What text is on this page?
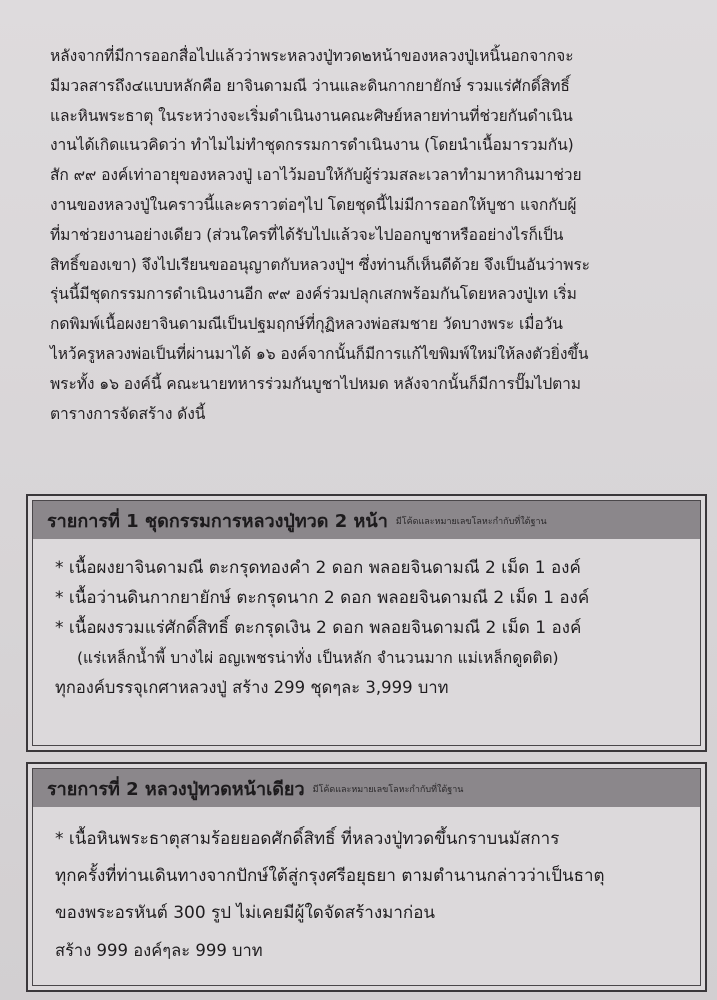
หลังจากที่มีการออกสื่อไปแล้วว่าพระหลวงปู่ทวด๒หน้าของหลวงปู่เหนิ้นอกจากจะ
มีมวลสารถึง๔แบบหลักคือ ยาจินดามณี ว่านและดินกากยายักษ์ รวมแร่ศักดิ์สิทธิ์
และหินพระธาตุ ในระหว่างจะเริ่มดำเนินงานคณะศิษย์หลายท่านที่ช่วยกันดำเนิน
งานได้เกิดแนวคิดว่า ทำไมไม่ทำชุดกรรมการดำเนินงาน (โดยนำเนื้อมารวมกัน)
สัก ๙๙ องค์เท่าอายุของหลวงปู่ เอาไว้มอบให้กับผู้ร่วมสละเวลาทำมาหากินมาช่วย
งานของหลวงปู่ในคราวนี้และคราวต่อๆไป โดยชุดนี้ไม่มีการออกให้บูชา แจกกับผู้
ที่มาช่วยงานอย่างเดียว (ส่วนใครที่ได้รับไปแล้วจะไปออกบูชาหรืออย่างไรก็เป็น
สิทธิ์ของเขา) จึงไปเรียนขออนุญาตกับหลวงปู่ฯ ซึ่งท่านก็เห็นดีด้วย จึงเป็นอันว่าพระ
รุ่นนี้มีชุดกรรมการดำเนินงานอีก ๙๙ องค์ร่วมปลุกเสกพร้อมกันโดยหลวงปู่เท เริ่ม
กดพิมพ์เนื้อผงยาจินดามณีเป็นปฐมฤกษ์ที่กุฏิหลวงพ่อสมชาย วัดบางพระ เมื่อวัน
ไหว้ครูหลวงพ่อเป็นที่ผ่านมาได้ ๑๖ องค์จากนั้นก็มีการแก้ไขพิมพ์ใหม่ให้ลงตัวยิ่งขึ้น
พระทั้ง ๑๖ องค์นี้ คณะนายทหารร่วมกันบูชาไปหมด หลังจากนั้นก็มีการปั๊มไปตาม
ตารางการจัดสร้าง ดังนี้
รายการที่ 1 ชุดกรรมการหลวงปู่ทวด 2 หน้า มีโค้ดและหมายเลขโลหะกำกับที่ใต้ฐาน
* เนื้อผงยาจินดามณี ตะกรุดทองคำ 2 ดอก พลอยจินดามณี 2 เม็ด 1 องค์
* เนื้อว่านดินกากยายักษ์ ตะกรุดนาก 2 ดอก พลอยจินดามณี 2 เม็ด 1 องค์
* เนื้อผงรวมแร่ศักดิ์สิทธิ์ ตะกรุดเงิน 2 ดอก พลอยจินดามณี 2 เม็ด 1 องค์
(แร่เหล็กน้ำพี้ บางไผ่ อญเพชรน่าทั่ง เป็นหลัก จำนวนมาก แม่เหล็กดูดติด)
ทุกองค์บรรจุเกศาหลวงปู่ สร้าง 299 ชุดๆละ 3,999 บาท
รายการที่ 2 หลวงปู่ทวดหน้าเดียว มีโค้ดและหมายเลขโลหะกำกับที่ใต้ฐาน
* เนื้อหินพระธาตุสามร้อยยอดศักดิ์สิทธิ์ ที่หลวงปู่ทวดขึ้นกราบนมัสการ
ทุกครั้งที่ท่านเดินทางจากปักษ์ใต้สู่กรุงศรีอยุธยา ตามตำนานกล่าวว่าเป็นธาตุ
ของพระอรหันต์ 300 รูป ไม่เคยมีผู้ใดจัดสร้างมาก่อน
สร้าง 999 องค์ๆละ 999 บาท
